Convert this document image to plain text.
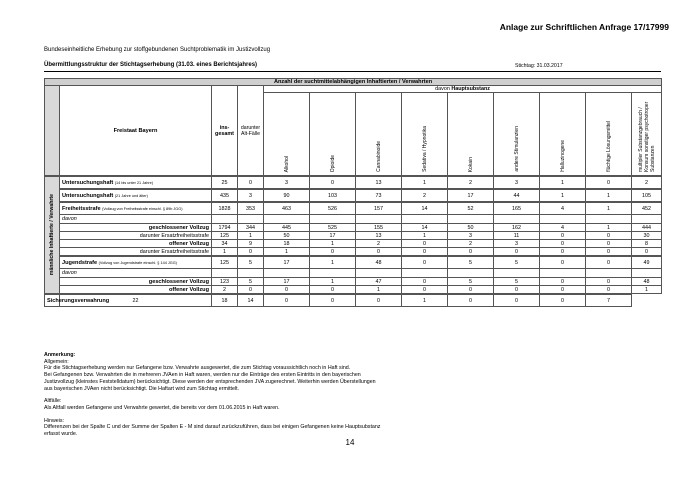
Anlage zur Schriftlichen Anfrage 17/17999
Bundeseinheitliche Erhebung zur stoffgebundenen Suchtproblematik im Justizvollzug
Übermittlungsstruktur der Stichtagserhebung (31.03. eines Berichtsjahres)	Stichtag: 31.03.2017
Anzahl der suchtmittelabhängigen Inhaftierten / Verwahrten												
	Freistaat Bayern	ins-
gesamt	darunter
Alt-Fälle	davon Hauptsubstanz								

				Alkohol	Opioide	Cannabinoide	Sedativa / Hypnotika	Kokain	andere Stimulanzien	Halluzinogene	flüchtige Lösungsmittel	multipler Substanzgebrauch / Konsum sonstiger psychotroper Substanzen

männliche Inhaftierte / Verwahrte	Untersuchungshaft (14 bis unter 21 Jahre)	25	0	3	0	13	1	2	3	1	0	2

	Untersuchungshaft (21 Jahre und älter)	435	3	90	103	73	2	17	44	1	1	105

	Freiheitsstrafe (Vollzug von Freiheitsstrafe einschl. § 89b JGG)	1828	353	463	526	157	14	52	165	4	1	452
	davon											
	geschlossener Vollzug	1794	344	445	525	155	14	50	162	4	1	444
	darunter Ersatzfreiheitsstrafe	125	1	50	17	13	1	3	11	0	0	30
	offener Vollzug	34	9	18	1	2	0	2	3	0	0	8
	darunter Ersatzfreiheitsstrafe	1	0	1	0	0	0	0	0	0	0	0

	Jugendstrafe (Vollzug von Jugendstrafe einschl. § 144 JGG)	125	5	17	1	48	0	5	5	0	0	49
	davon											
	geschlossener Vollzug	123	5	17	1	47	0	5	5	0	0	48
	offener Vollzug	2	0	0	0	1	0	0	0	0	0	1

Sicherungsverwahrung	22	18	14	0	0	0	1	0	0	0	7	

Anmerkung:

Allgemein:

Für die Stichtagserhebung werden nur Gefangene bzw. Verwahrte ausgewertet, die zum Stichtag voraussichtlich noch in Haft sind.

Bei Gefangenen bzw. Verwahrten die in mehreren JVAen in Haft waren, werden nur die Einträge des ersten Eintritts in den bayerischen Justizvollzug (kleinstes Feststelldatum) berücksichtigt. Diese werden der entsprechenden JVA zugerechnet. Weiterhin werden Überstellungen aus bayerischen JVAen nicht berücksichtigt. Die Haftart wird zum Stichtag ermittelt.

Altfälle:

Als Altfall werden Gefangene und Verwahrte gewertet, die bereits vor dem 01.06.2015 in Haft waren.

Hinweis:

Differenzen bei der Spalte C und der Summe der Spalten E - M sind darauf zurückzuführen, dass bei einigen Gefangenen keine Hauptsubstanz erfasst wurde.

14
